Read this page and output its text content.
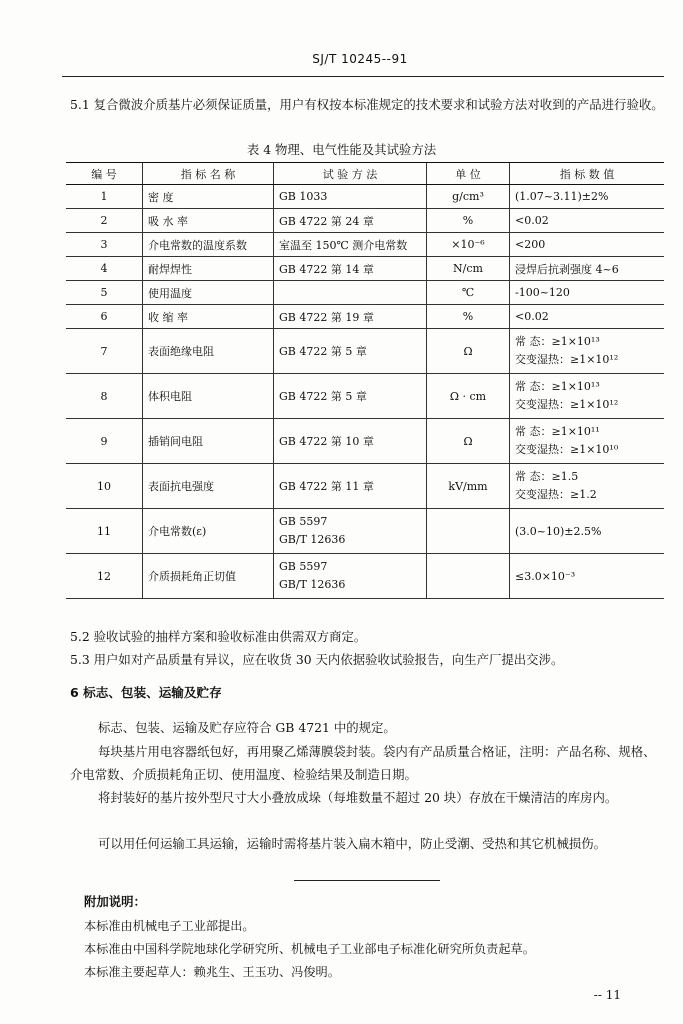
SJ/T 10245--91
5.1 复合微波介质基片必须保证质量，用户有权按本标准规定的技术要求和试验方法对收到的产品进行验收。
表 4 物理、电气性能及其试验方法
编 号	指 标 名 称	试 验 方 法	单 位	指 标 数 值
1	密 度	GB 1033	g/cm³	(1.07~3.11)±2%
2	吸 水 率	GB 4722 第 24 章	%	<0.02
3	介电常数的温度系数	室温至 150℃ 测介电常数	×10⁻⁶	<200
4	耐焊焊性	GB 4722 第 14 章	N/cm	浸焊后抗剥强度 4~6
5	使用温度		℃	-100~120
6	收 缩 率	GB 4722 第 19 章	%	<0.02
7	表面绝缘电阻	GB 4722 第 5 章	Ω	常 态：≥1×10¹³
交变湿热：≥1×10¹²

8	体积电阻	GB 4722 第 5 章	Ω · cm	常 态：≥1×10¹³
交变湿热：≥1×10¹²

9	插销间电阻	GB 4722 第 10 章	Ω	常 态：≥1×10¹¹
交变湿热：≥1×10¹⁰

10	表面抗电强度	GB 4722 第 11 章	kV/mm	常 态：≥1.5
交变湿热：≥1.2

11	介电常数(ε)	GB 5597
GB/T 12636		(3.0~10)±2.5%
12	介质损耗角正切值	GB 5597
GB/T 12636		≤3.0×10⁻³
5.2 验收试验的抽样方案和验收标准由供需双方商定。
5.3 用户如对产品质量有异议，应在收货 30 天内依据验收试验报告，向生产厂提出交涉。
6 标志、包装、运输及贮存
标志、包装、运输及贮存应符合 GB 4721 中的规定。
每块基片用电容器纸包好，再用聚乙烯薄膜袋封装。袋内有产品质量合格证，注明：产品名称、规格、介电常数、介质损耗角正切、使用温度、检验结果及制造日期。
将封装好的基片按外型尺寸大小叠放成垛（每堆数量不超过 20 块）存放在干燥清洁的库房内。
可以用任何运输工具运输，运输时需将基片装入扁木箱中，防止受潮、受热和其它机械损伤。
附加说明：
本标准由机械电子工业部提出。
本标准由中国科学院地球化学研究所、机械电子工业部电子标准化研究所负责起草。
本标准主要起草人：赖兆生、王玉功、冯俊明。
-- 11
